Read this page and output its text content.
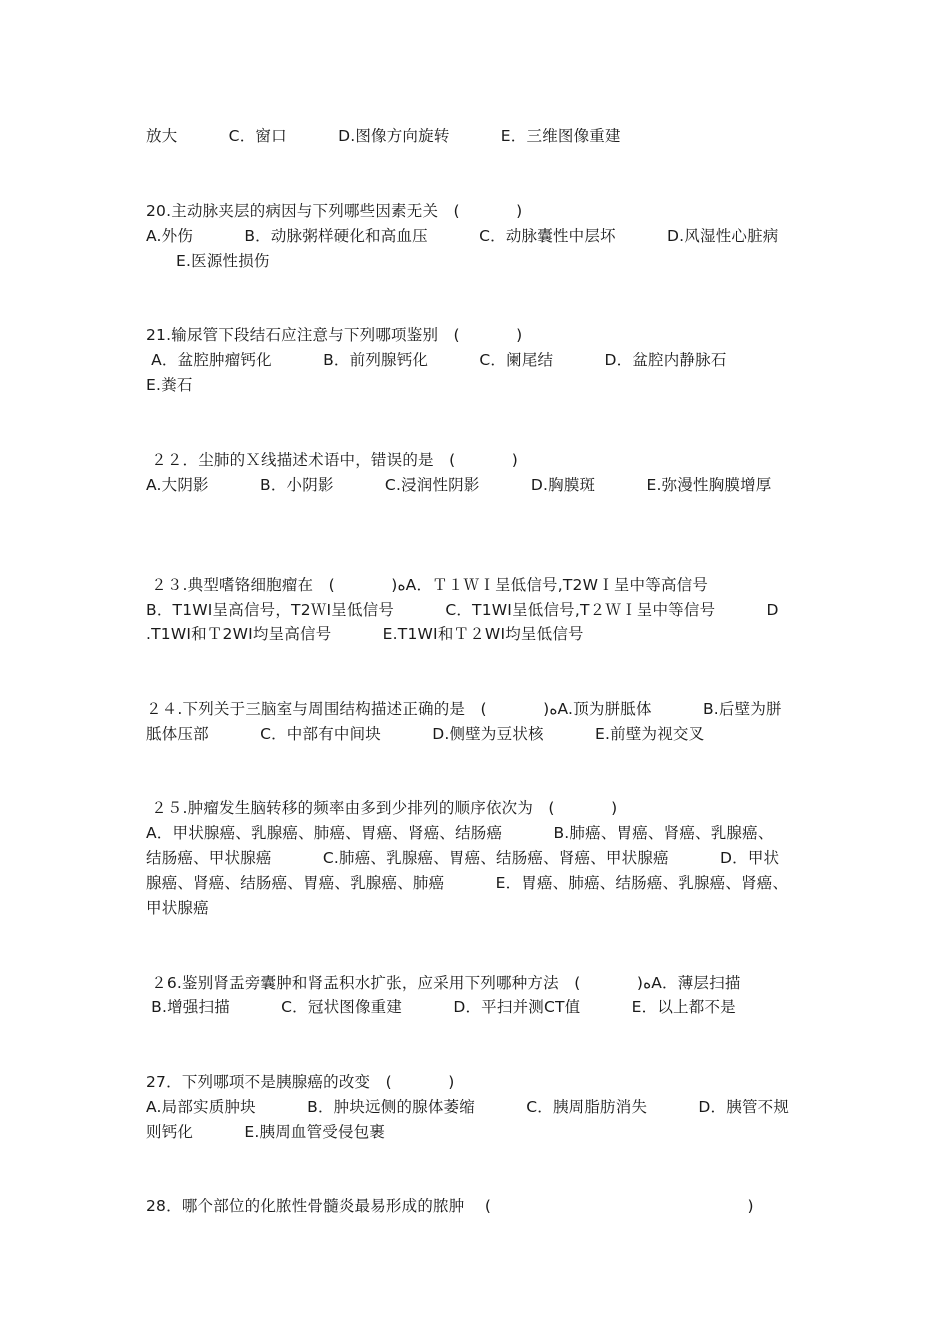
放大          C．窗口          D.图像方向旋转          E．三维图像重建
20.主动脉夹层的病因与下列哪些因素无关   (           )
A.外伤          B．动脉粥样硬化和高血压          C．动脉囊性中层坏          D.风湿性心脏病
E.医源性损伤
21.输尿管下段结石应注意与下列哪项鉴别   (           )
A．盆腔肿瘤钙化          B．前列腺钙化          C．阑尾结          D．盆腔内静脉石
E.粪石
２２．尘肺的Ｘ线描述术语中，错误的是   (           )
A.大阴影          B．小阴影          C.浸润性阴影          D.胸膜斑          E.弥漫性胸膜增厚
２３.典型嗜铬细胞瘤在   (           )ﻩA．Ｔ１ＷＩ呈低信号,T2WＩ呈中等高信号
B．T1WI呈高信号，T2ＷⅠ呈低信号          C．T1WI呈低信号,T２ＷＩ呈中等信号          D
.T1WI和Ｔ2WI均呈高信号          E.T1WI和Ｔ２WI均呈低信号
２４.下列关于三脑室与周围结构描述正确的是   (           )ﻩA.顶为胼胝体          B.后壁为胼
胝体压部          C．中部有中间块          D.侧壁为豆状核          E.前壁为视交叉
２５.肿瘤发生脑转移的频率由多到少排列的顺序依次为   (           )
A．甲状腺癌、乳腺癌、肺癌、胃癌、肾癌、结肠癌          B.肺癌、胃癌、肾癌、乳腺癌、
结肠癌、甲状腺癌          C.肺癌、乳腺癌、胃癌、结肠癌、肾癌、甲状腺癌          D．甲状
腺癌、肾癌、结肠癌、胃癌、乳腺癌、肺癌          E．胃癌、肺癌、结肠癌、乳腺癌、肾癌、
甲状腺癌
２6.鉴别肾盂旁囊肿和肾盂积水扩张，应采用下列哪种方法   (           )ﻩA．薄层扫描
B.增强扫描          C．冠状图像重建          D．平扫并测CT值          E．以上都不是
27．下列哪项不是胰腺癌的改变   (           )
A.局部实质肿块          B．肿块远侧的腺体萎缩          C．胰周脂肪消失          D．胰管不规
则钙化          E.胰周血管受侵包裹
28．哪个部位的化脓性骨髓炎最易形成的脓肿    (                                                  )
